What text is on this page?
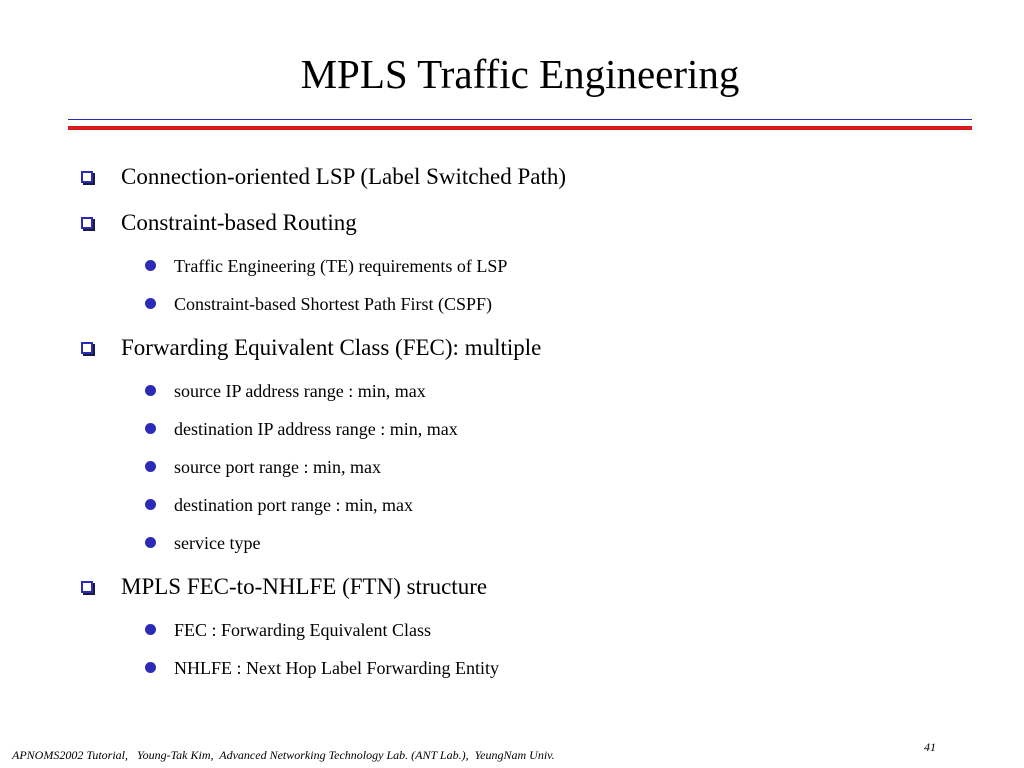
MPLS Traffic Engineering
Connection-oriented LSP (Label Switched Path)
Constraint-based Routing
Traffic Engineering (TE) requirements of LSP
Constraint-based Shortest Path First (CSPF)
Forwarding Equivalent Class (FEC): multiple
source IP address range : min, max
destination IP address range : min, max
source port range : min, max
destination port range : min, max
service type
MPLS FEC-to-NHLFE (FTN) structure
FEC : Forwarding Equivalent Class
NHLFE : Next Hop Label Forwarding Entity
APNOMS2002 Tutorial,   Young-Tak Kim,  Advanced Networking Technology Lab. (ANT Lab.),  YeungNam Univ.
41
